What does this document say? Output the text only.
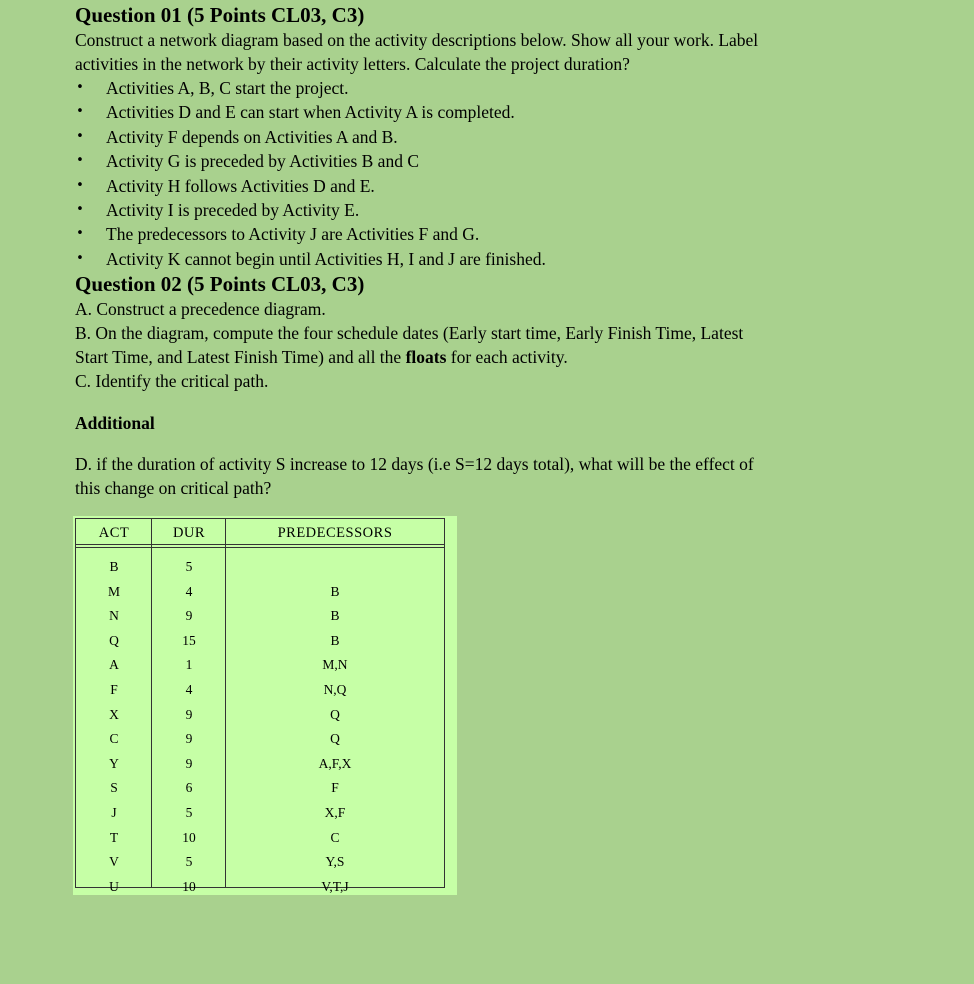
Question 01 (5 Points CL03, C3)

Construct a network diagram based on the activity descriptions below. Show all your work. Label
activities in the network by their activity letters. Calculate the project duration?

• Activities A, B, C start the project.
• Activities D and E can start when Activity A is completed.
• Activity F depends on Activities A and B.
• Activity G is preceded by Activities B and C
• Activity H follows Activities D and E.
• Activity I is preceded by Activity E.
• The predecessors to Activity J are Activities F and G.
• Activity K cannot begin until Activities H, I and J are finished.
Question 02 (5 Points CL03, C3)

A. Construct a precedence diagram.

B. On the diagram, compute the four schedule dates (Early start time, Early Finish Time, Latest
Start Time, and Latest Finish Time) and all the floats for each activity.

C. Identify the critical path.

Additional

D. if the duration of activity S increase to 12 days (i.e S=12 days total), what will be the effect of
this change on critical path?

ACT	DUR	PREDECESSORS
B	5
M	4	B
N	9	B
Q	15	B
A	1	M,N
F	4	N,Q
X	9	Q
C	9	Q
Y	9	A,F,X
S	6	F
J	5	X,F
T	10	C
V	5	Y,S
U	10	V,T,J
